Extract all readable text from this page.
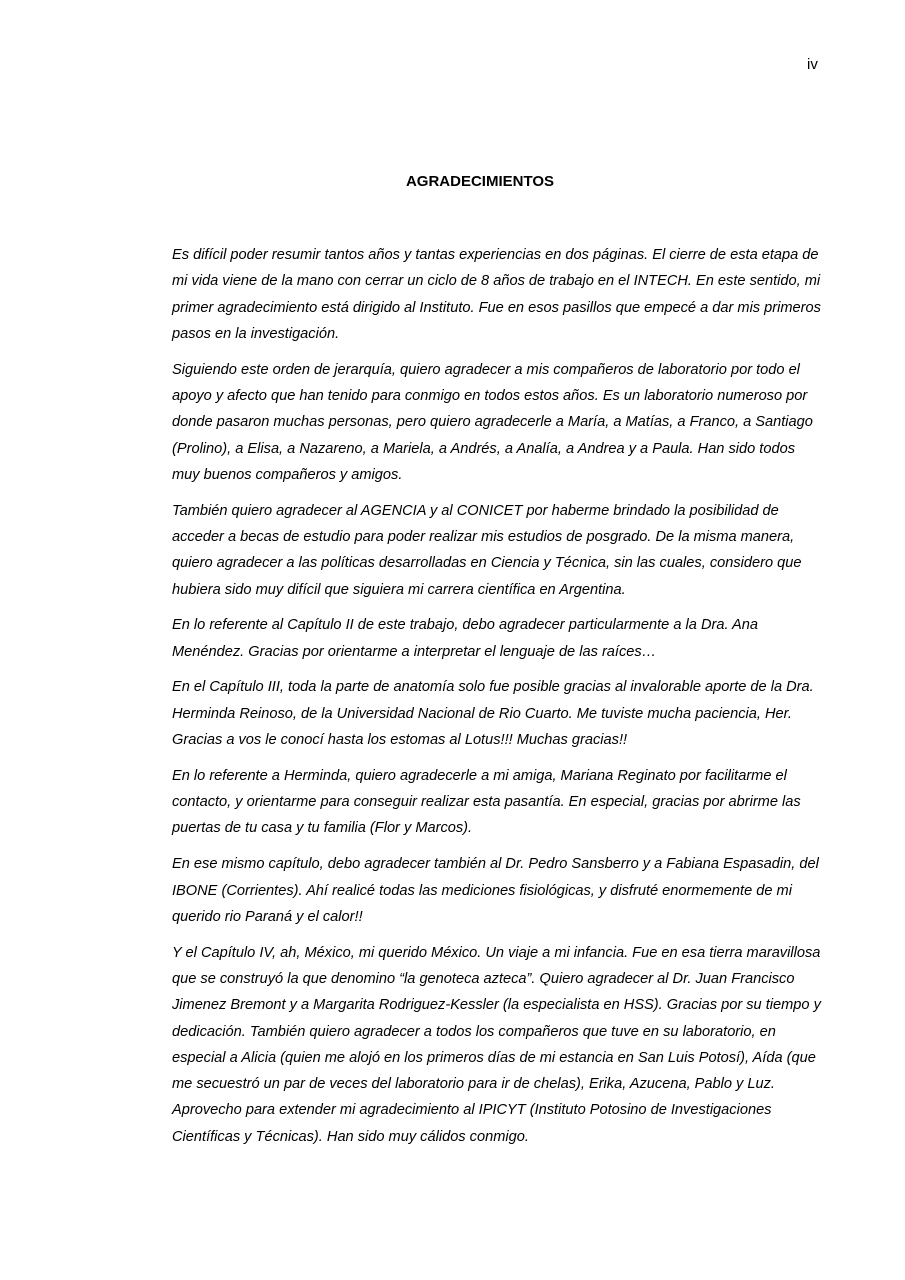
iv
AGRADECIMIENTOS

Es difícil poder resumir tantos años y tantas experiencias en dos páginas. El cierre de esta etapa de mi vida viene de la mano con cerrar un ciclo de 8 años de trabajo en el INTECH. En este sentido, mi primer agradecimiento está dirigido al Instituto. Fue en esos pasillos que empecé a dar mis primeros pasos en la investigación.

Siguiendo este orden de jerarquía, quiero agradecer a mis compañeros de laboratorio por todo el apoyo y afecto que han tenido para conmigo en todos estos años. Es un laboratorio numeroso por donde pasaron muchas personas, pero quiero agradecerle a María, a Matías, a Franco, a Santiago (Prolino), a Elisa, a Nazareno, a Mariela, a Andrés, a Analía, a Andrea y a Paula. Han sido todos muy buenos compañeros y amigos.

También quiero agradecer al AGENCIA y al CONICET por haberme brindado la posibilidad de acceder a becas de estudio para poder realizar mis estudios de posgrado. De la misma manera, quiero agradecer a las políticas desarrolladas en Ciencia y Técnica, sin las cuales, considero que hubiera sido muy difícil que siguiera mi carrera científica en Argentina.

En lo referente al Capítulo II de este trabajo, debo agradecer particularmente a la Dra. Ana Menéndez. Gracias por orientarme a interpretar el lenguaje de las raíces…

En el Capítulo III, toda la parte de anatomía solo fue posible gracias al invalorable aporte de la Dra. Herminda Reinoso, de la Universidad Nacional de Rio Cuarto. Me tuviste mucha paciencia, Her. Gracias a vos le conocí hasta los estomas al Lotus!!! Muchas gracias!!

En lo referente a Herminda, quiero agradecerle a mi amiga, Mariana Reginato por facilitarme el contacto, y orientarme para conseguir realizar esta pasantía. En especial, gracias por abrirme las puertas de tu casa y tu familia (Flor y Marcos).

En ese mismo capítulo, debo agradecer también al Dr. Pedro Sansberro y a Fabiana Espasadin, del IBONE (Corrientes). Ahí realicé todas las mediciones fisiológicas, y disfruté enormemente de mi querido rio Paraná y el calor!!

Y el Capítulo IV, ah, México, mi querido México. Un viaje a mi infancia. Fue en esa tierra maravillosa que se construyó la que denomino “la genoteca azteca”. Quiero agradecer al Dr. Juan Francisco Jimenez Bremont y a Margarita Rodriguez-Kessler (la especialista en HSS). Gracias por su tiempo y dedicación. También quiero agradecer a todos los compañeros que tuve en su laboratorio, en especial a Alicia (quien me alojó en los primeros días de mi estancia en San Luis Potosí), Aída (que me secuestró un par de veces del laboratorio para ir de chelas), Erika, Azucena, Pablo y Luz. Aprovecho para extender mi agradecimiento al IPICYT (Instituto Potosino de Investigaciones Científicas y Técnicas). Han sido muy cálidos conmigo.
